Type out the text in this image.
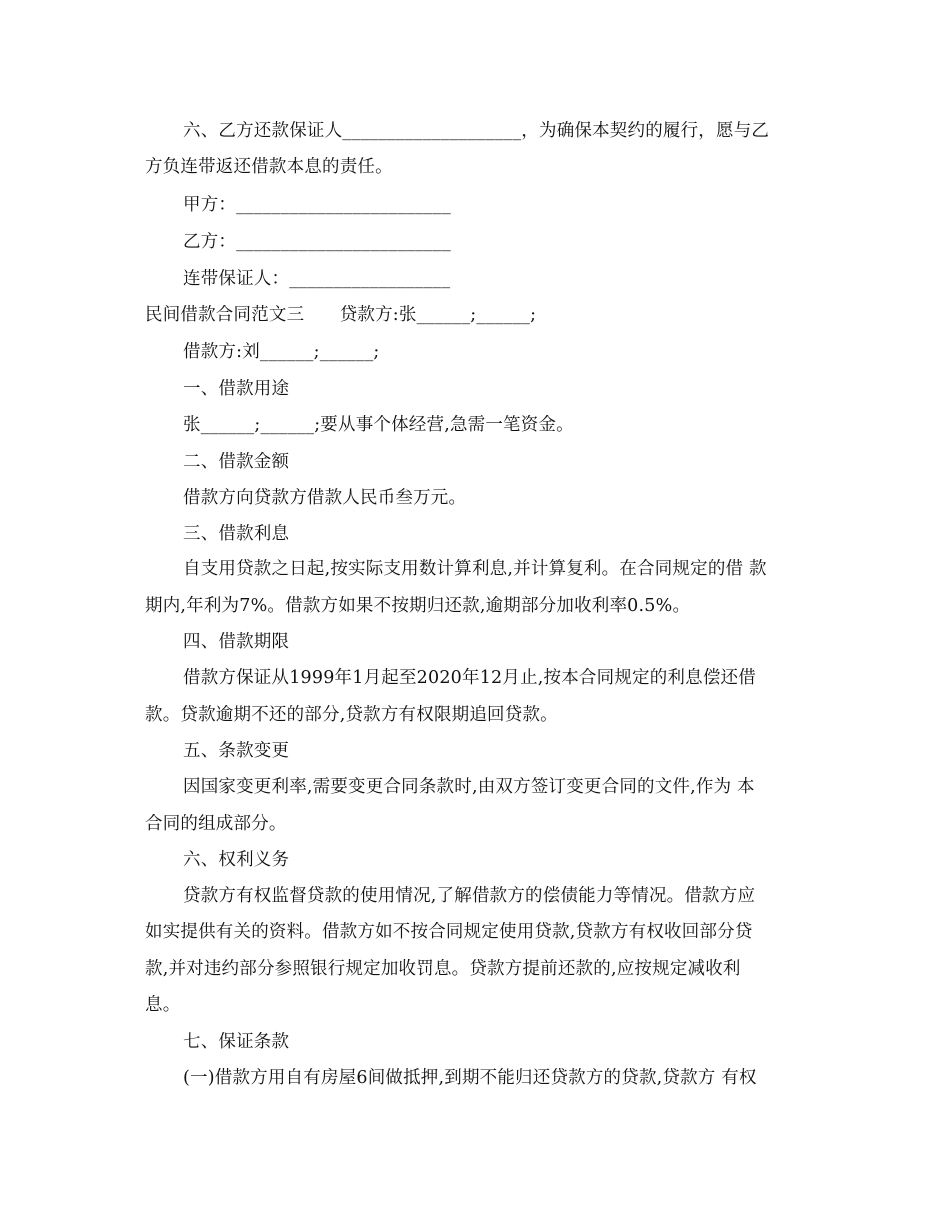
六、乙方还款保证人____________________，为确保本契约的履行，愿与乙
方负连带返还借款本息的责任。
甲方：________________________
乙方：________________________
连带保证人：__________________
民间借款合同范文三　　贷款方:张______;______;
借款方:刘______;______;
一、借款用途
张______;______;要从事个体经营,急需一笔资金。
二、借款金额
借款方向贷款方借款人民币叁万元。
三、借款利息
自支用贷款之日起,按实际支用数计算利息,并计算复利。在合同规定的借 款
期内,年利为7%。借款方如果不按期归还款,逾期部分加收利率0.5%。
四、借款期限
借款方保证从1999年1月起至2020年12月止,按本合同规定的利息偿还借
款。贷款逾期不还的部分,贷款方有权限期追回贷款。
五、条款变更
因国家变更利率,需要变更合同条款时,由双方签订变更合同的文件,作为 本
合同的组成部分。
六、权利义务
贷款方有权监督贷款的使用情况,了解借款方的偿债能力等情况。借款方应
如实提供有关的资料。借款方如不按合同规定使用贷款,贷款方有权收回部分贷
款,并对违约部分参照银行规定加收罚息。贷款方提前还款的,应按规定减收利
息。
七、保证条款
(一)借款方用自有房屋6间做抵押,到期不能归还贷款方的贷款,贷款方 有权
